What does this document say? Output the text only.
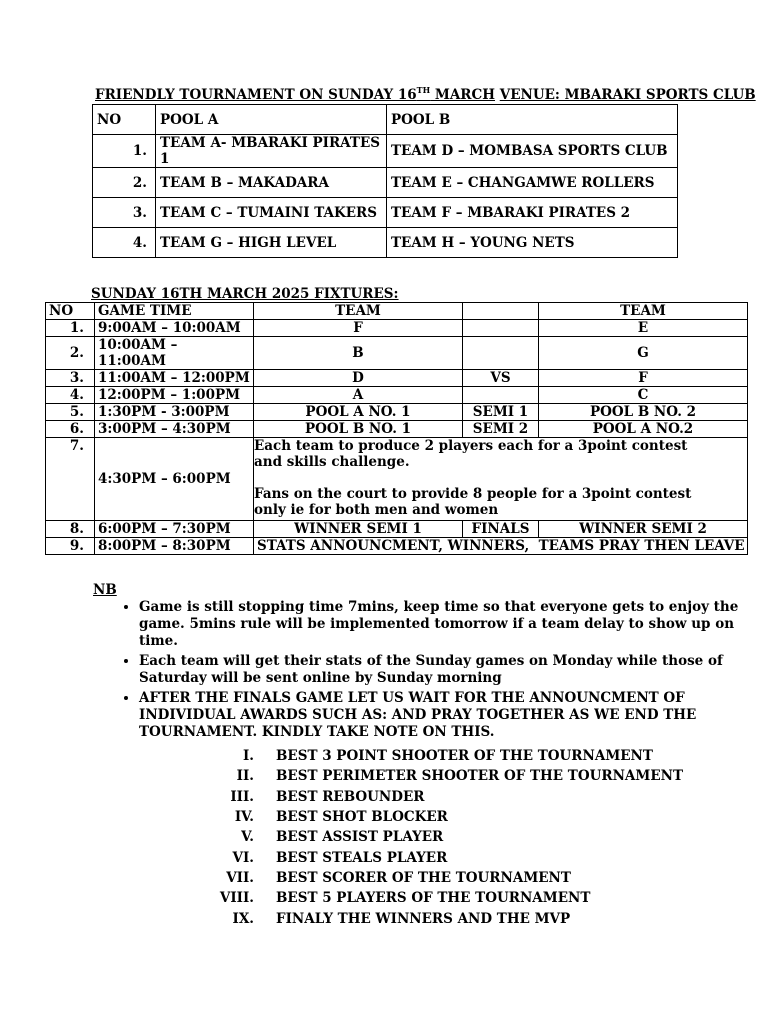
FRIENDLY TOURNAMENT ON SUNDAY 16TH MARCH VENUE: MBARAKI SPORTS CLUB
NO	POOL A	POOL B
1.	TEAM A- MBARAKI PIRATES 1	TEAM D – MOMBASA SPORTS CLUB
2.	TEAM B – MAKADARA	TEAM E – CHANGAMWE ROLLERS
3.	TEAM C – TUMAINI TAKERS	TEAM F – MBARAKI PIRATES 2
4.	TEAM G – HIGH LEVEL	TEAM H – YOUNG NETS
SUNDAY 16TH MARCH 2025 FIXTURES:
NO	GAME TIME	TEAM		TEAM
1.	9:00AM – 10:00AM	F		E
2.	10:00AM – 11:00AM	B		G
3.	11:00AM – 12:00PM	D	VS	F
4.	12:00PM – 1:00PM	A		C
5.	1:30PM - 3:00PM	POOL A NO. 1	SEMI 1	POOL B NO. 2
6.	3:00PM – 4:30PM	POOL B NO. 1	SEMI 2	POOL A NO.2
7.	4:30PM – 6:00PM	Each team to produce 2 players each for a 3point contest
and skills challenge.
Fans on the court to provide 8 people for a 3point contest
only ie for both men and women		

8.	6:00PM – 7:30PM	WINNER SEMI 1	FINALS	WINNER SEMI 2
9.	8:00PM – 8:30PM	STATS ANNOUNCMENT, WINNERS,  TEAMS PRAY THEN LEAVE		
NB
• Game is still stopping time 7mins, keep time so that everyone gets to enjoy the game. 5mins rule will be implemented tomorrow if a team delay to show up on time.
• Each team will get their stats of the Sunday games on Monday while those of Saturday will be sent online by Sunday morning
• AFTER THE FINALS GAME LET US WAIT FOR THE ANNOUNCMENT OF INDIVIDUAL AWARDS SUCH AS: AND PRAY TOGETHER AS WE END THE TOURNAMENT. KINDLY TAKE NOTE ON THIS.
I. BEST 3 POINT SHOOTER OF THE TOURNAMENT
II. BEST PERIMETER SHOOTER OF THE TOURNAMENT
III. BEST REBOUNDER
IV. BEST SHOT BLOCKER
V. BEST ASSIST PLAYER
VI. BEST STEALS PLAYER
VII. BEST SCORER OF THE TOURNAMENT
VIII. BEST 5 PLAYERS OF THE TOURNAMENT
IX. FINALY THE WINNERS AND THE MVP
